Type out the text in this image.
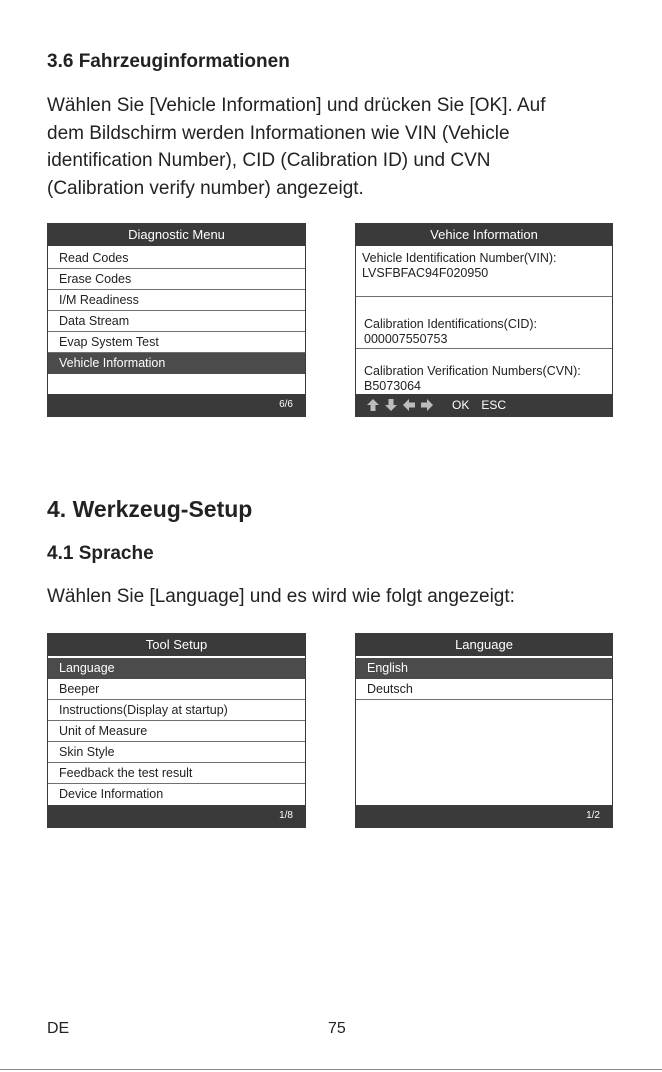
3.6 Fahrzeuginformationen
Wählen Sie [Vehicle Information] und drücken Sie [OK]. Auf
dem Bildschirm werden Informationen wie VIN (Vehicle
identification Number), CID (Calibration ID) und CVN
(Calibration verify number) angezeigt.
Diagnostic Menu
Read Codes
Erase Codes
I/M Readiness
Data Stream
Evap System Test
Vehicle Information
6/6
Vehice Information
Vehicle Identification Number(VIN):
LVSFBFAC94F020950
Calibration Identifications(CID):
000007550753
Calibration Verification Numbers(CVN):
B5073064
OK ESC
4. Werkzeug-Setup
4.1 Sprache
Wählen Sie [Language] und es wird wie folgt angezeigt:
Tool Setup
Language
Beeper
Instructions(Display at startup)
Unit of Measure
Skin Style
Feedback the test result
Device Information
1/8
Language
English
Deutsch
1/2
DE	75
